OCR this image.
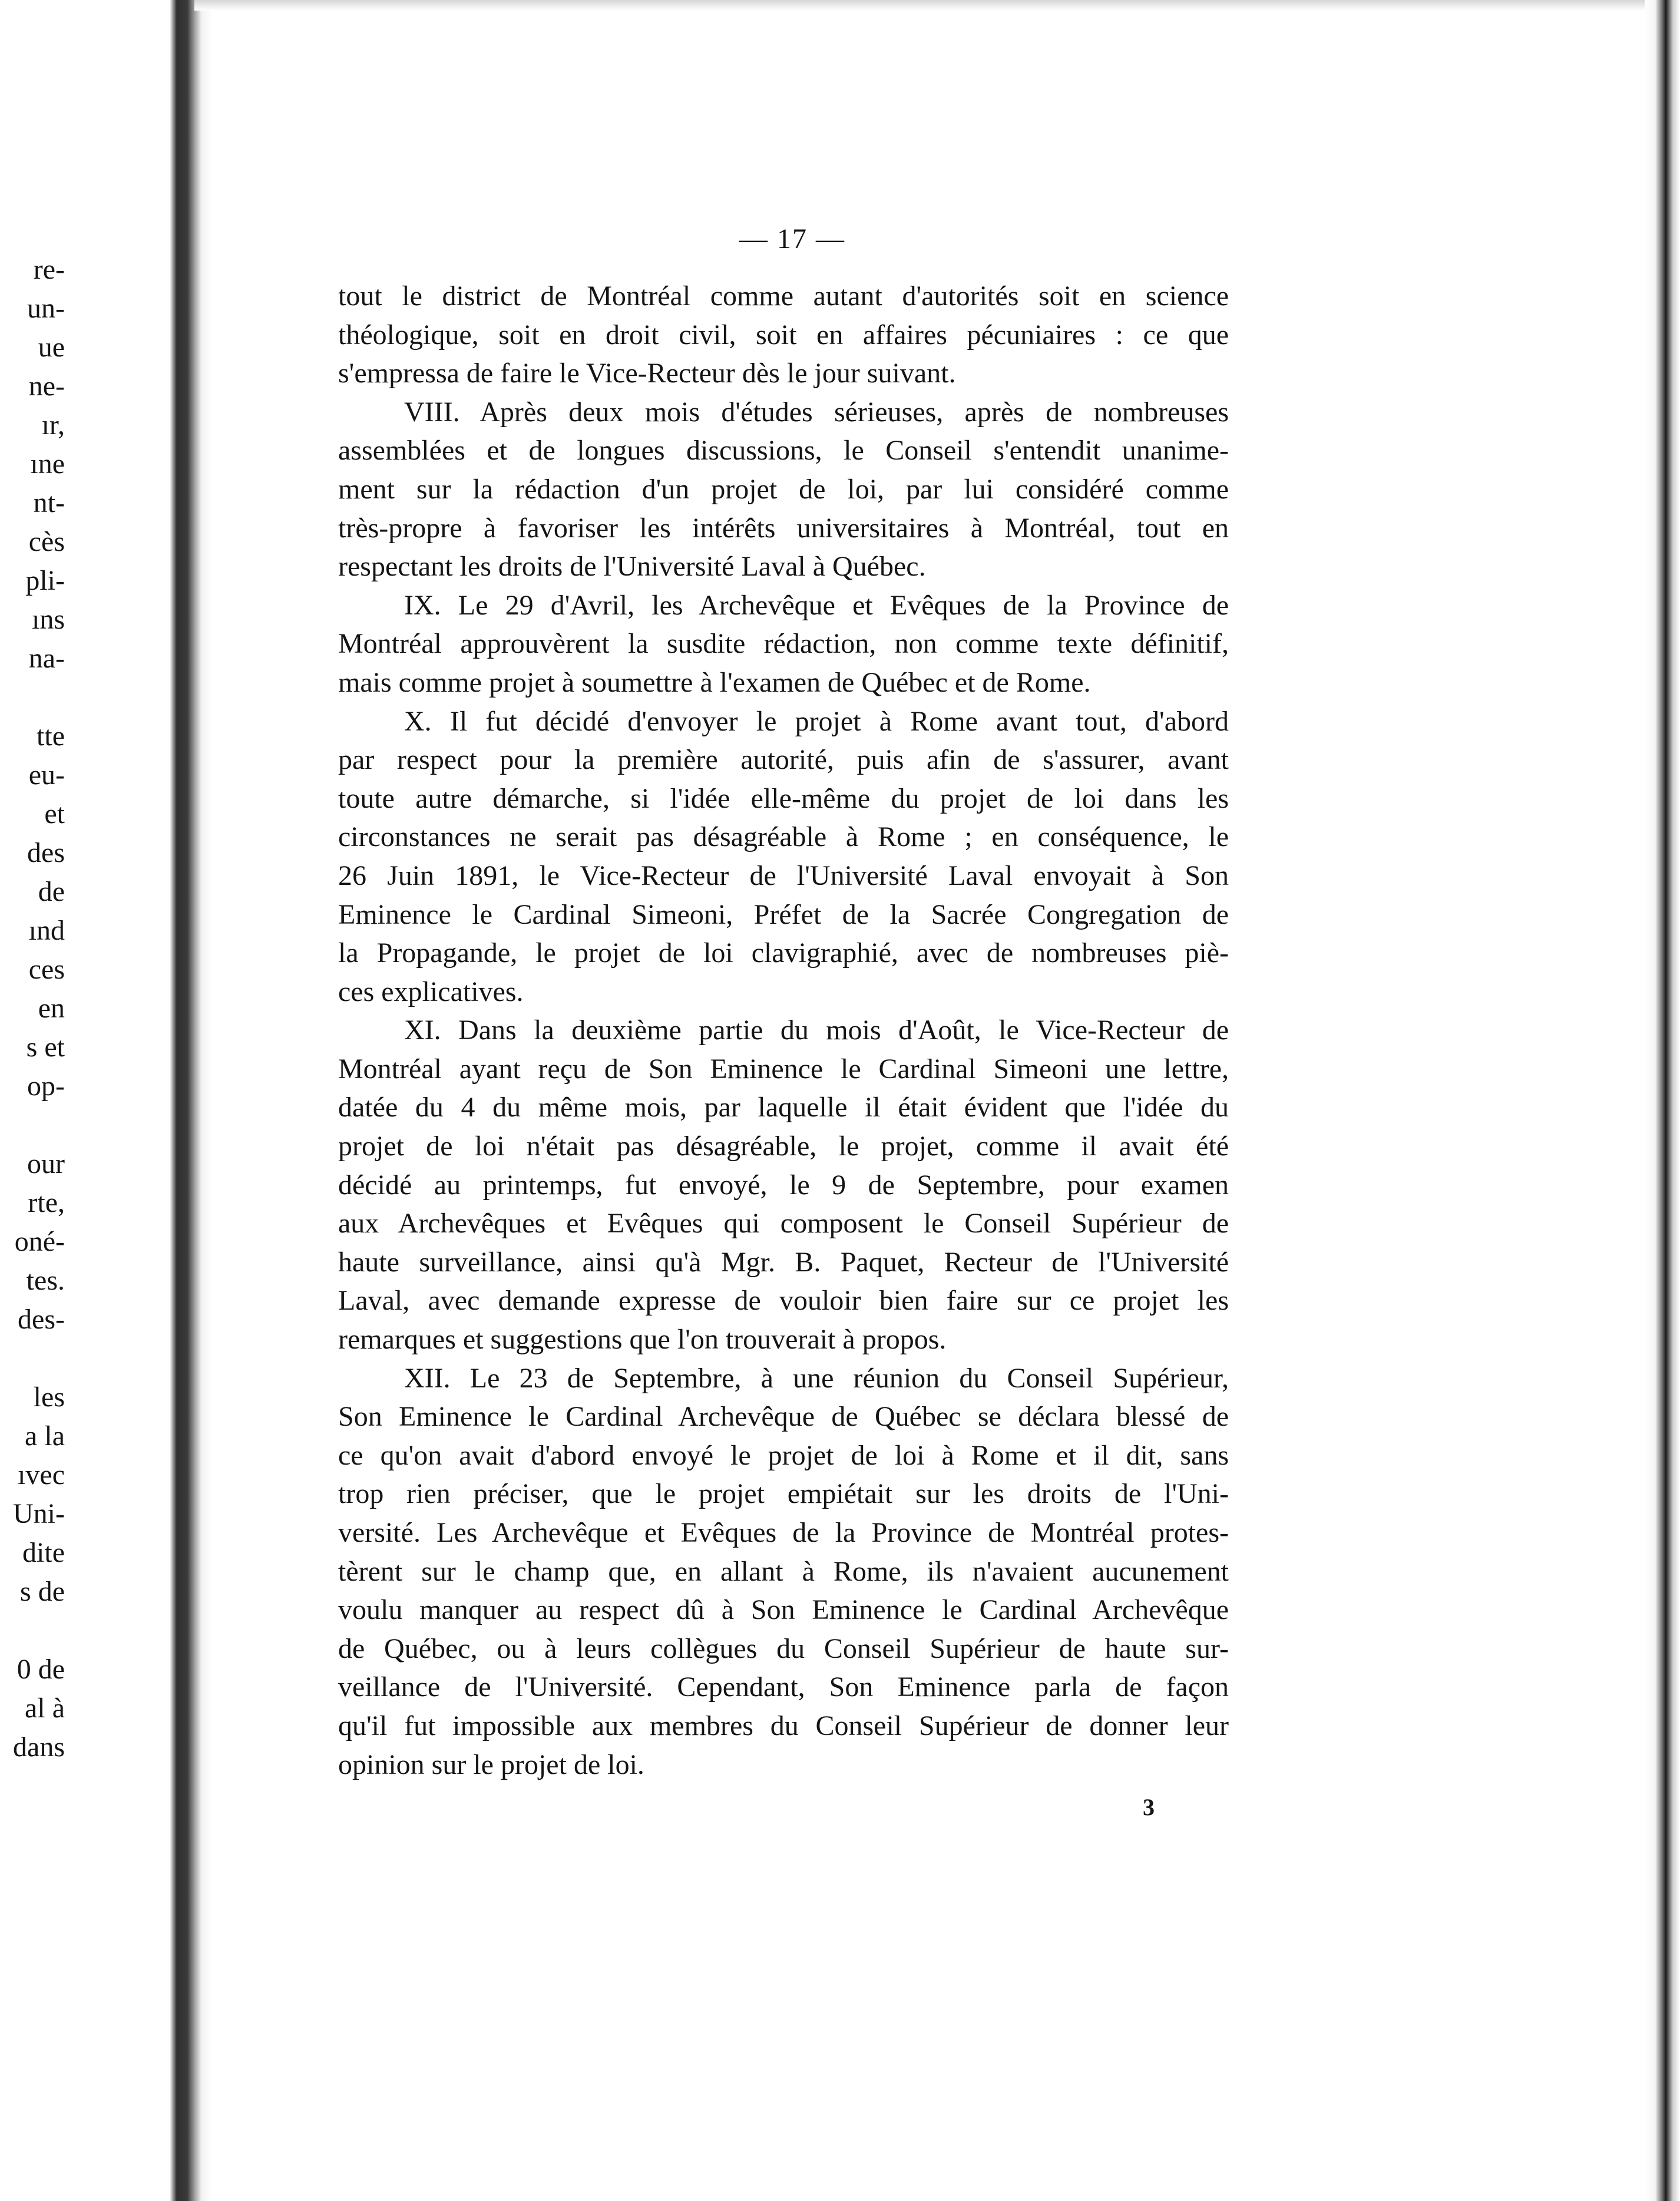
re-
un-
ue
ne-
ır,
ıne
nt-
cès
pli-
ıns
na-
tte
eu-
et
des
de
ınd
ces
en
s et
op-
our
rte,
oné-
tes.
des-
les
a la
ıvec
Uni-
dite
s de
0 de
al à
dans
— 17 —
tout le district de Montréal comme autant d'autorités soit en science
théologique, soit en droit civil, soit en affaires pécuniaires : ce que
s'empressa de faire le Vice-Recteur dès le jour suivant.
VIII. Après deux mois d'études sérieuses, après de nombreuses
assemblées et de longues discussions, le Conseil s'entendit unanime-
ment sur la rédaction d'un projet de loi, par lui considéré comme
très-propre à favoriser les intérêts universitaires à Montréal, tout en
respectant les droits de l'Université Laval à Québec.
IX. Le 29 d'Avril, les Archevêque et Evêques de la Province de
Montréal approuvèrent la susdite rédaction, non comme texte définitif,
mais comme projet à soumettre à l'examen de Québec et de Rome.
X. Il fut décidé d'envoyer le projet à Rome avant tout, d'abord
par respect pour la première autorité, puis afin de s'assurer, avant
toute autre démarche, si l'idée elle-même du projet de loi dans les
circonstances ne serait pas désagréable à Rome ; en conséquence, le
26 Juin 1891, le Vice-Recteur de l'Université Laval envoyait à Son
Eminence le Cardinal Simeoni, Préfet de la Sacrée Congregation de
la Propagande, le projet de loi clavigraphié, avec de nombreuses piè-
ces explicatives.
XI. Dans la deuxième partie du mois d'Août, le Vice-Recteur de
Montréal ayant reçu de Son Eminence le Cardinal Simeoni une lettre,
datée du 4 du même mois, par laquelle il était évident que l'idée du
projet de loi n'était pas désagréable, le projet, comme il avait été
décidé au printemps, fut envoyé, le 9 de Septembre, pour examen
aux Archevêques et Evêques qui composent le Conseil Supérieur de
haute surveillance, ainsi qu'à Mgr. B. Paquet, Recteur de l'Université
Laval, avec demande expresse de vouloir bien faire sur ce projet les
remarques et suggestions que l'on trouverait à propos.
XII. Le 23 de Septembre, à une réunion du Conseil Supérieur,
Son Eminence le Cardinal Archevêque de Québec se déclara blessé de
ce qu'on avait d'abord envoyé le projet de loi à Rome et il dit, sans
trop rien préciser, que le projet empiétait sur les droits de l'Uni-
versité. Les Archevêque et Evêques de la Province de Montréal protes-
tèrent sur le champ que, en allant à Rome, ils n'avaient aucunement
voulu manquer au respect dû à Son Eminence le Cardinal Archevêque
de Québec, ou à leurs collègues du Conseil Supérieur de haute sur-
veillance de l'Université. Cependant, Son Eminence parla de façon
qu'il fut impossible aux membres du Conseil Supérieur de donner leur
opinion sur le projet de loi.
3
